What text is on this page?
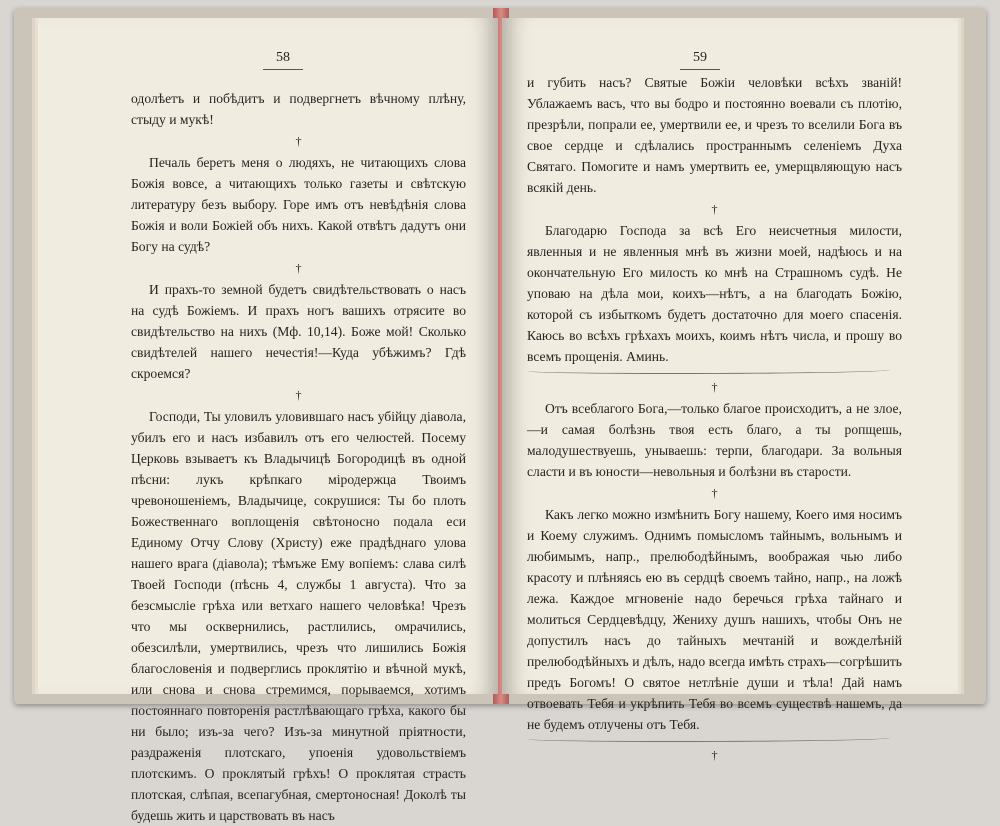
58

одолѣетъ и побѣдитъ и подвергнетъ вѣчному плѣну, стыду и мукѣ!

†

Печаль беретъ меня о людяхъ, не читающихъ слова Божія вовсе, а читающихъ только газеты и свѣтскую литературу безъ выбору. Горе имъ отъ невѣдѣнія слова Божія и воли Божіей объ нихъ. Какой отвѣтъ дадутъ они Богу на судѣ?

†

И прахъ-то земной будетъ свидѣтельствовать о насъ на судѣ Божіемъ. И прахъ ногъ вашихъ отрясите во свидѣтельство на нихъ (Мф. 10,14). Боже мой! Сколько свидѣтелей нашего нечестія!—Куда убѣжимъ? Гдѣ скроемся?

†

Господи, Ты уловилъ уловившаго насъ убійцу діавола, убилъ его и насъ избавилъ отъ его челюстей. Посему Церковь взываетъ къ Владычицѣ Богородицѣ въ одной пѣсни: лукъ крѣпкаго міродержца Твоимъ чревоношеніемъ, Владычице, сокрушися: Ты бо плоть Божественнаго воплощенія свѣтоносно подала еси Единому Отчу Слову (Христу) еже прадѣднаго улова нашего врага (діавола); тѣмъже Ему вопіемъ: слава силѣ Твоей Господи (пѣснь 4, службы 1 августа). Что за безсмысліе грѣха или ветхаго нашего человѣка! Чрезъ что мы осквернились, растлились, омрачились, обезсилѣли, умертвились, чрезъ что лишились Божія благословенія и подверглись проклятію и вѣчной мукѣ, или снова и снова стремимся, порываемся, хотимъ постояннаго повторенія растлѣвающаго грѣха, какого бы ни было; изъ-за чего? Изъ-за минутной пріятности, раздраженія плотскаго, упоенія удовольствіемъ плотскимъ. О проклятый грѣхъ! О проклятая страсть плотская, слѣпая, всепагубная, смертоносная! Доколѣ ты будешь жить и царствовать въ насъ

59

и губить насъ? Святые Божіи человѣки всѣхъ званій! Ублажаемъ васъ, что вы бодро и постоянно воевали съ плотію, презрѣли, попрали ее, умертвили ее, и чрезъ то вселили Бога въ свое сердце и сдѣлались пространнымъ селеніемъ Духа Святаго. Помогите и намъ умертвить ее, умерщвляющую насъ всякій день.

†

Благодарю Господа за всѣ Его неисчетныя милости, явленныя и не явленныя мнѣ въ жизни моей, надѣюсь и на окончательную Его милость ко мнѣ на Страшномъ судѣ. Не уповаю на дѣла мои, коихъ—нѣтъ, а на благодать Божію, которой съ избыткомъ будетъ достаточно для моего спасенія. Каюсь во всѣхъ грѣхахъ моихъ, коимъ нѣтъ числа, и прошу во всемъ прощенія. Аминь.

†

Отъ всеблагого Бога,—только благое происходитъ, а не злое,—и самая болѣзнь твоя есть благо, а ты ропщешь, малодушествуешь, унываешь: терпи, благодари. За вольныя сласти и въ юности—невольныя и болѣзни въ старости.

†

Какъ легко можно измѣнить Богу нашему, Коего имя носимъ и Коему служимъ. Однимъ помысломъ тайнымъ, вольнымъ и любимымъ, напр., прелюбодѣйнымъ, воображая чью либо красоту и плѣняясь ею въ сердцѣ своемъ тайно, напр., на ложѣ лежа. Каждое мгновеніе надо беречься грѣха тайнаго и молиться Сердцевѣдцу, Жениху душъ нашихъ, чтобы Онъ не допустилъ насъ до тайныхъ мечтаній и вожделѣній прелюбодѣйныхъ и дѣлъ, надо всегда имѣть страхъ—согрѣшить предъ Богомъ! О святое нетлѣніе души и тѣла! Дай намъ отвоевать Тебя и укрѣпить Тебя во всемъ существѣ нашемъ, да не будемъ отлучены отъ Тебя.

†
